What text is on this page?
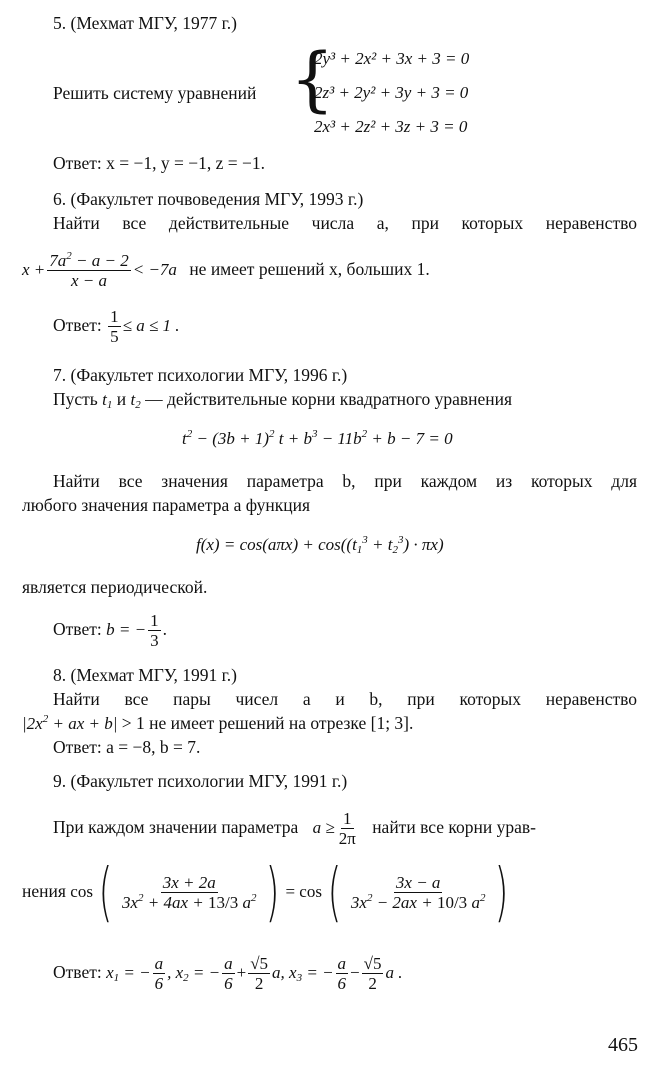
5. (Мехмат МГУ, 1977 г.)
Решить систему уравнений {
2y³ + 2x² + 3x + 3 = 0
2z³ + 2y² + 3y + 3 = 0
2x³ + 2z² + 3z + 3 = 0
Ответ: x = −1, y = −1, z = −1.
6. (Факультет почвоведения МГУ, 1993 г.)
Найти все действительные числа a, при которых неравенство
$x + \frac{7a^2 - a - 2}{x - a} < -7a$ не имеет решений x, больших 1.
Ответ: $\frac{1}{5} \le a \le 1$ .
7. (Факультет психологии МГУ, 1996 г.)
Пусть $t_1$ и $t_2$ — действительные корни квадратного уравнения
$t^2 - (3b + 1)^2$ $t + b^3 - 11b^2 + b - 7 = 0$
Найти все значения параметра b, при каждом из которых для
любого значения параметра a функция
$f(x) = \cos(a\pi x) + \cos((t_1^3 + t_2^3) \cdot \pi x)$
является периодической.
Ответ: b = − $\frac{1}{3}$ .
8. (Мехмат МГУ, 1991 г.)
Найти все пары чисел a и b, при которых неравенство
$|2x^2$ + ax + b| > 1 не имеет решений на отрезке [1; 3].
Ответ: a = −8, b = 7.
9. (Факультет психологии МГУ, 1991 г.)
При каждом значении параметра $a \ge \frac{1}{2\pi}$ найти все корни урав-
нения $\cos( \frac{3x + 2a}{3x^2 + 4ax + 13/3 a^2}$ ) = $\cos( \frac{3x - a}{3x^2 - 2ax + 10/3 a^2}$ )
Ответ: $x_1$ = − $\frac{a}{6}$ , $x_2$ = − $\frac{a}{6} + \frac{√5}{2} a$, $x_3$ = − $\frac{a}{6} - \frac{√5}{2}$ a .
465
